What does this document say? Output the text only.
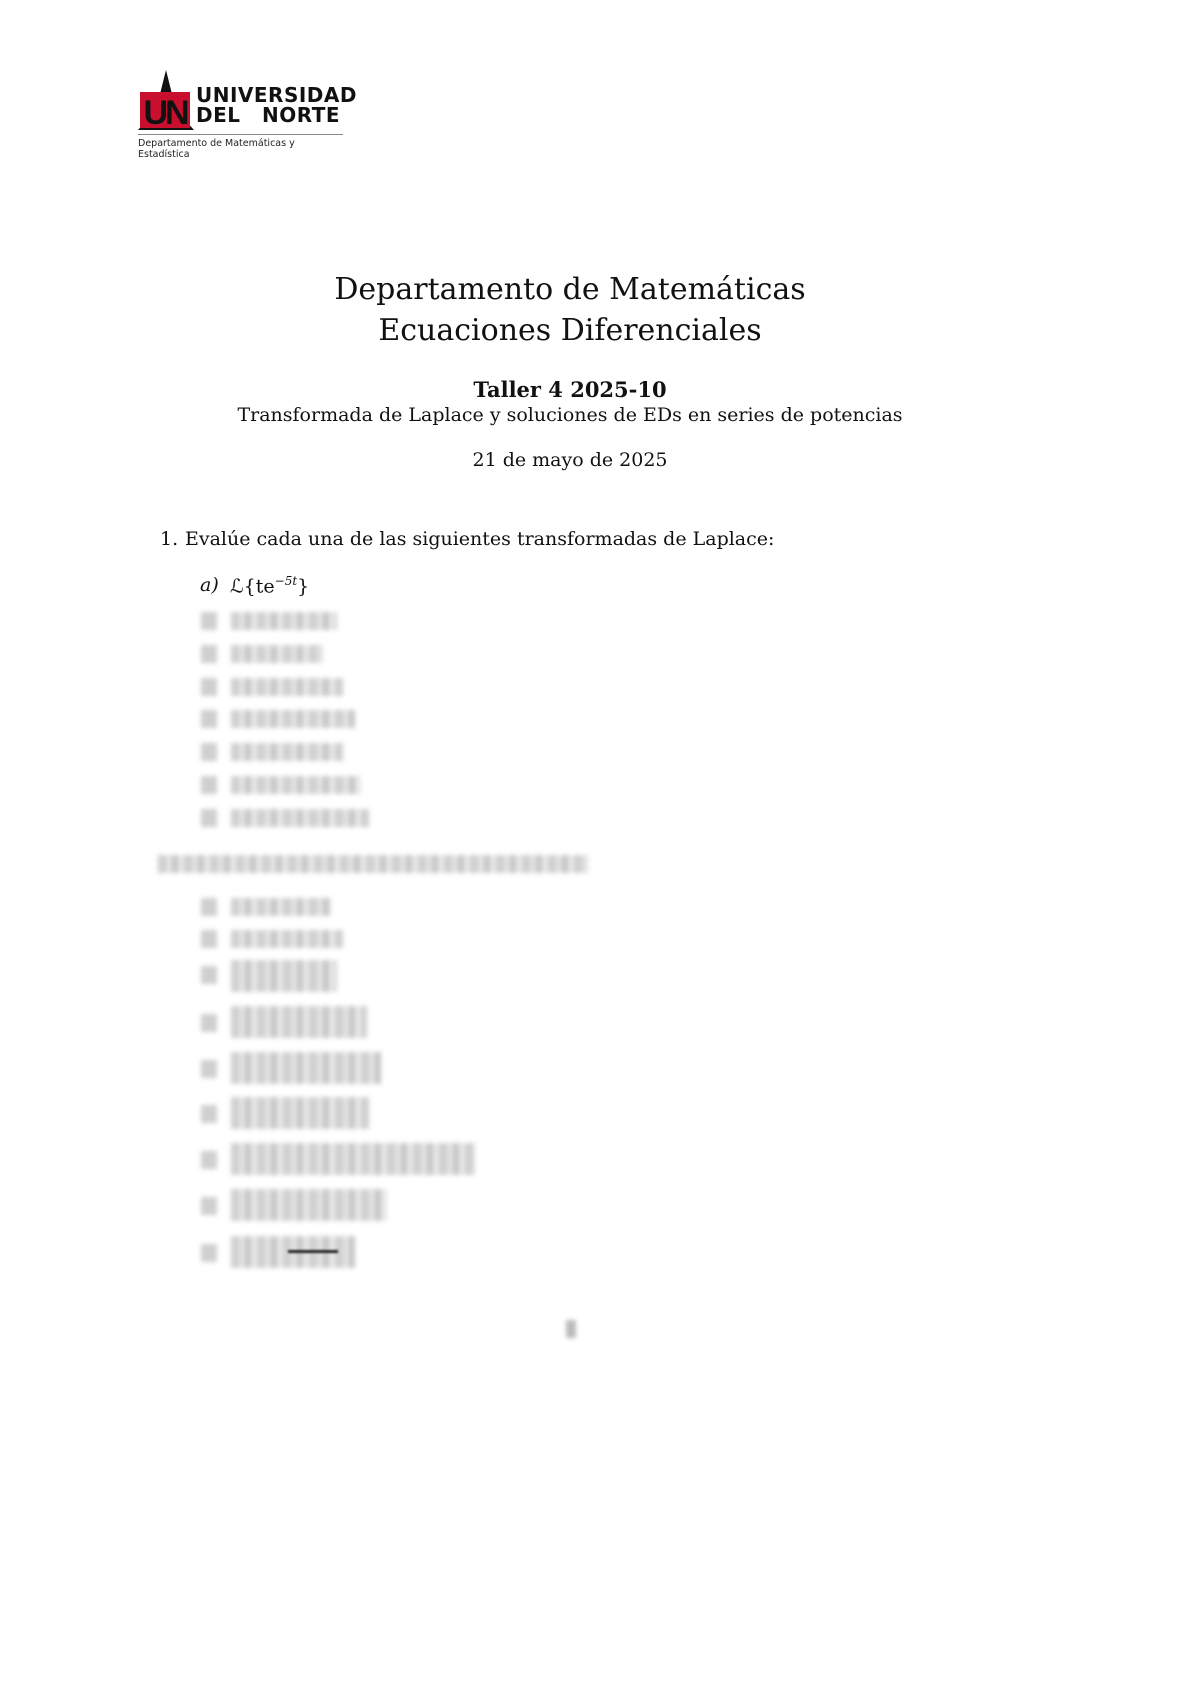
UN UNIVERSIDAD
DEL NORTE
Departamento de Matemáticas y Estadística
Departamento de Matemáticas
Ecuaciones Diferenciales
Taller 4 2025-10
Transformada de Laplace y soluciones de EDs en series de potencias
21 de mayo de 2025
1. Evalúe cada una de las siguientes transformadas de Laplace:
a) $ℒ\{te^{-5t}\}$
